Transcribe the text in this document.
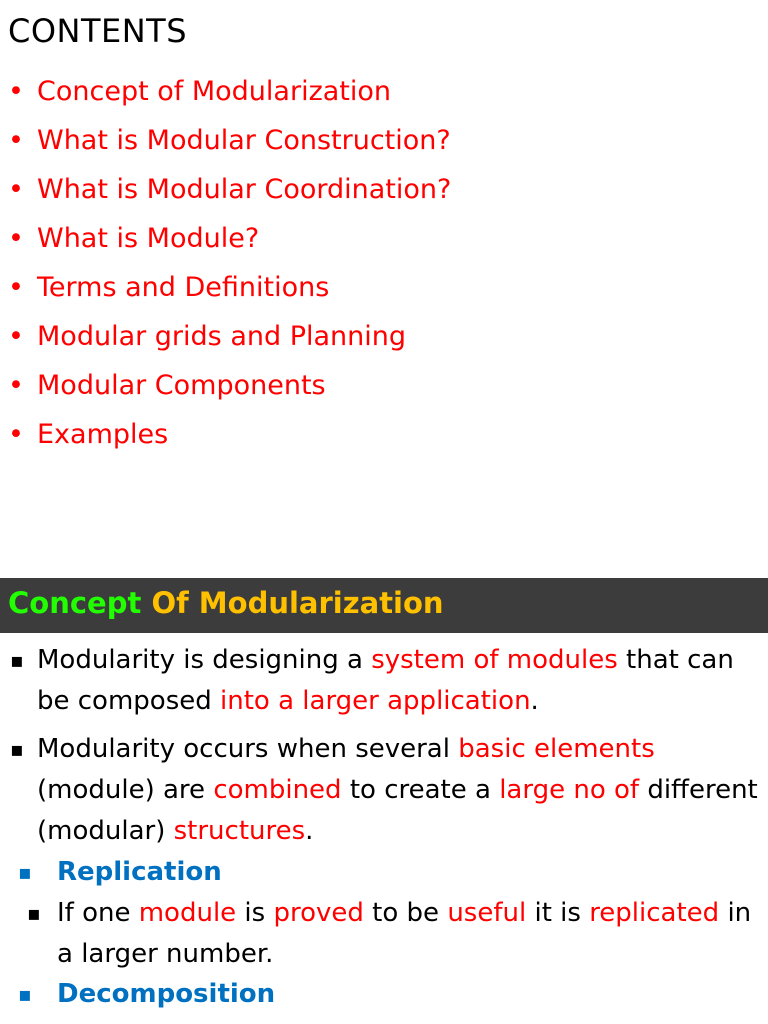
CONTENTS
• Concept of Modularization
• What is Modular Construction?
• What is Modular Coordination?
• What is Module?
• Terms and Definitions
• Modular grids and Planning
• Modular Components
• Examples
Concept Of Modularization
▪ Modularity is designing a system of modules that can be composed into a larger application.
▪ Modularity occurs when several basic elements (module) are combined to create a large no of different (modular) structures.
▪ Replication
▪ If one module is proved to be useful it is replicated in a larger number.
▪ Decomposition
